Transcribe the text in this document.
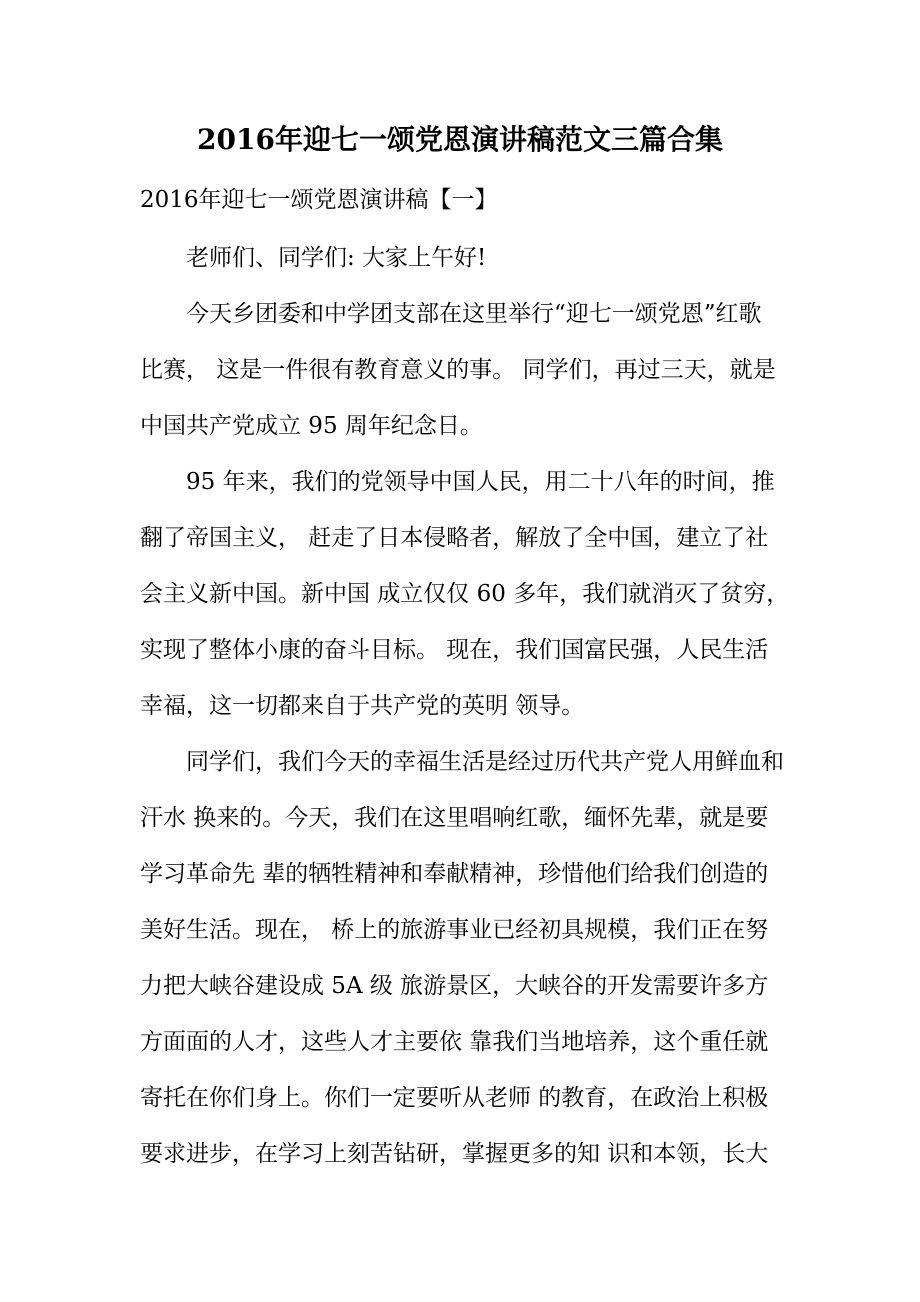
2016年迎七一颂党恩演讲稿范文三篇合集

2016年迎七一颂党恩演讲稿【一】

老师们、同学们: 大家上午好!

今天乡团委和中学团支部在这里举行“迎七一颂党恩”红歌

比赛， 这是一件很有教育意义的事。 同学们，再过三天，就是

中国共产党成立 95 周年纪念日。

95 年来，我们的党领导中国人民，用二十八年的时间，推

翻了帝国主义， 赶走了日本侵略者，解放了全中国，建立了社

会主义新中国。新中国 成立仅仅 60 多年，我们就消灭了贫穷，

实现了整体小康的奋斗目标。 现在，我们国富民强，人民生活

幸福，这一切都来自于共产党的英明 领导。

同学们，我们今天的幸福生活是经过历代共产党人用鲜血和

汗水 换来的。今天，我们在这里唱响红歌，缅怀先辈，就是要

学习革命先 辈的牺牲精神和奉献精神，珍惜他们给我们创造的

美好生活。现在， 桥上的旅游事业已经初具规模，我们正在努

力把大峡谷建设成 5A 级 旅游景区，大峡谷的开发需要许多方

方面面的人才，这些人才主要依 靠我们当地培养，这个重任就

寄托在你们身上。你们一定要听从老师 的教育，在政治上积极

要求进步，在学习上刻苦钻研，掌握更多的知 识和本领，长大
